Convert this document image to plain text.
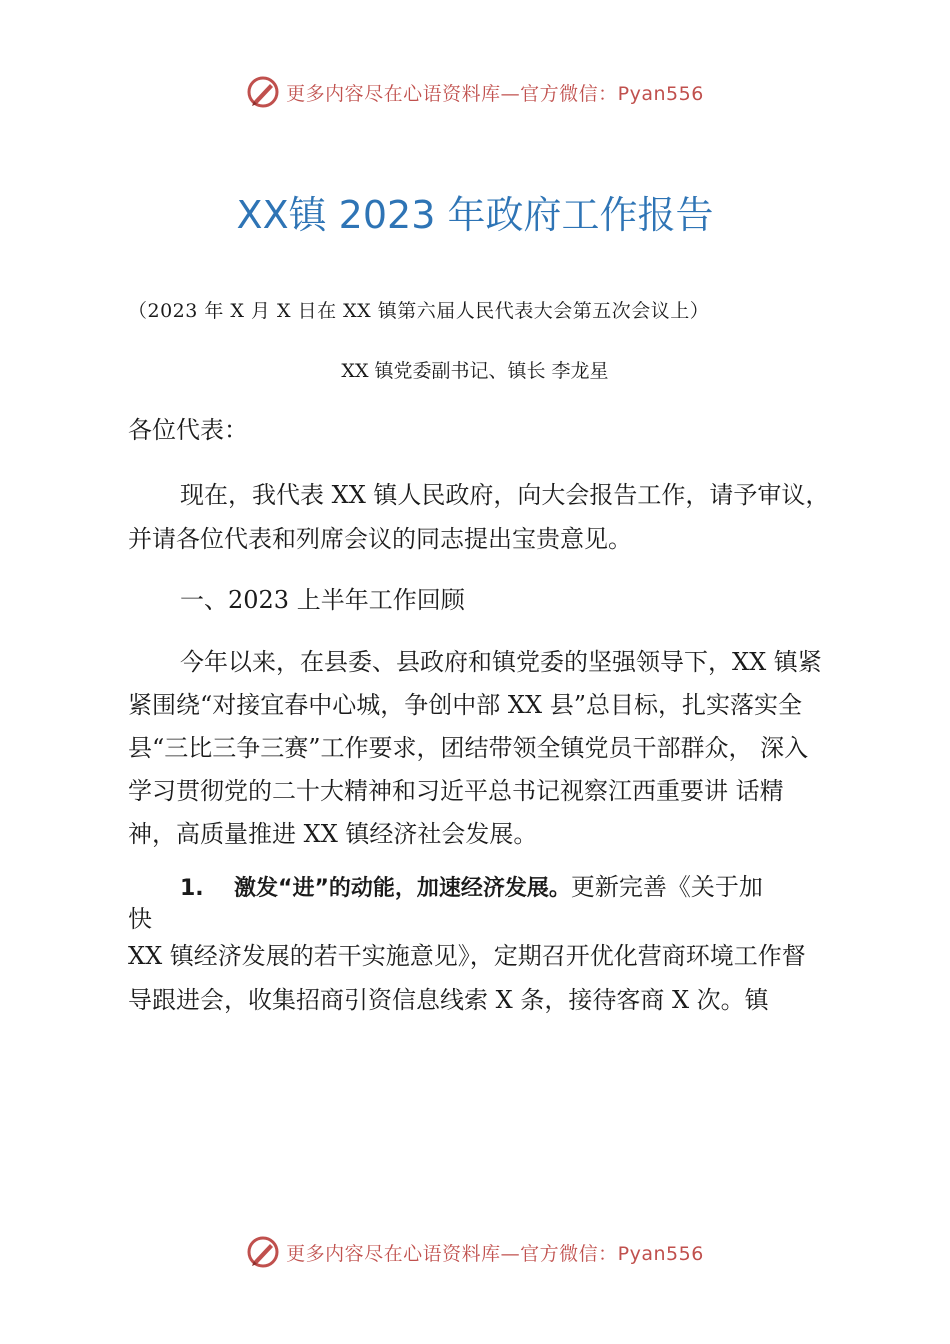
更多内容尽在心语资料库—官方微信：Pyan556
XX镇 2023 年政府工作报告
（2023 年 X 月 X 日在 XX 镇第六届人民代表大会第五次会议上）
XX 镇党委副书记、镇长 李龙星
各位代表：
现在，我代表 XX 镇人民政府，向大会报告工作，请予审议，
并请各位代表和列席会议的同志提出宝贵意见。
一、2023 上半年工作回顾
今年以来，在县委、县政府和镇党委的坚强领导下，XX 镇紧
紧围绕“对接宜春中心城，争创中部 XX 县”总目标，扎实落实全
县“三比三争三赛”工作要求，团结带领全镇党员干部群众， 深入
学习贯彻党的二十大精神和习近平总书记视察江西重要讲 话精
神，高质量推进 XX 镇经济社会发展。
1. 激发“进”的动能，加速经济发展。更新完善《关于加
快
XX 镇经济发展的若干实施意见》，定期召开优化营商环境工作督
导跟进会，收集招商引资信息线索 X 条，接待客商 X 次。镇
更多内容尽在心语资料库—官方微信：Pyan556
